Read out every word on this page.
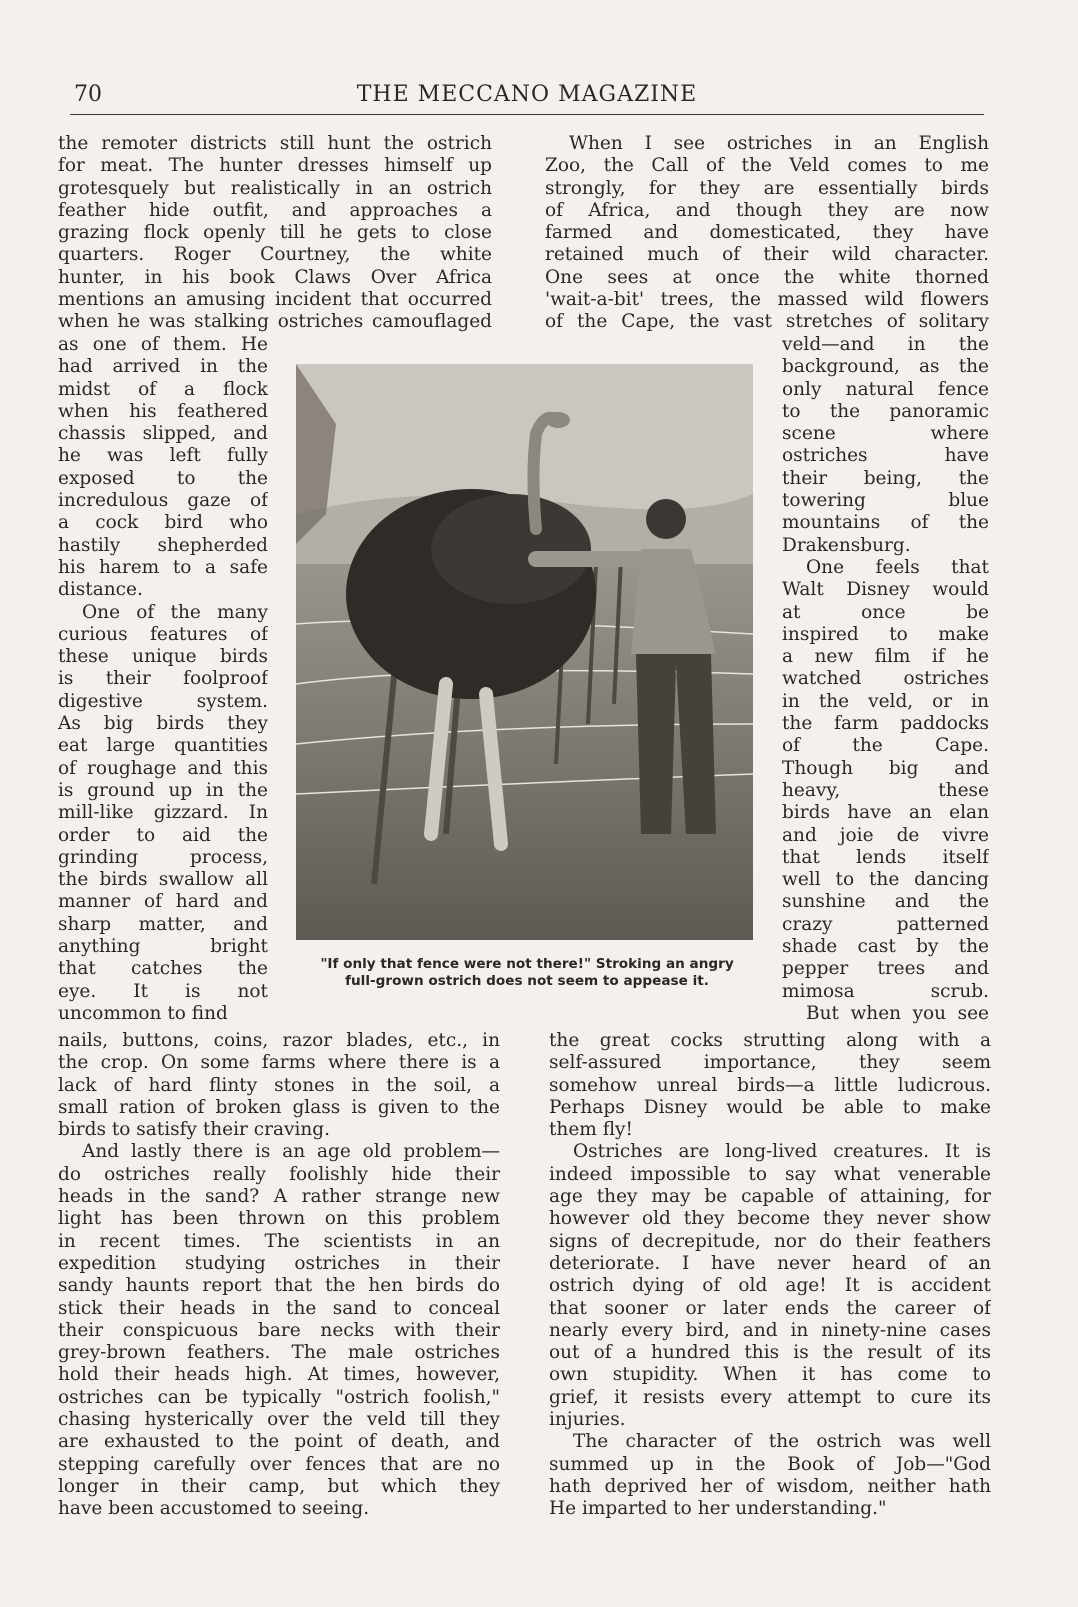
70	THE MECCANO MAGAZINE
the remoter districts still hunt the ostrich
for meat. The hunter dresses himself up
grotesquely but realistically in an ostrich
feather hide outfit, and approaches a
grazing flock openly till he gets to close
quarters. Roger Courtney, the white
hunter, in his book Claws Over Africa
mentions an amusing incident that occurred
when he was stalking ostriches camouflaged
as one of them. He
had arrived in the
midst of a flock
when his feathered
chassis slipped, and
he was left fully
exposed to the
incredulous gaze of
a cock bird who
hastily shepherded
his harem to a safe
distance.
One of the many
curious features of
these unique birds
is their foolproof
digestive system.
As big birds they
eat large quantities
of roughage and this
is ground up in the
mill-like gizzard. In
order to aid the
grinding process,
the birds swallow all
manner of hard and
sharp matter, and
anything bright
that catches the
eye. It is not
uncommon to find
nails, buttons, coins, razor blades, etc., in
the crop. On some farms where there is a
lack of hard flinty stones in the soil, a
small ration of broken glass is given to the
birds to satisfy their craving.
And lastly there is an age old problem—
do ostriches really foolishly hide their
heads in the sand? A rather strange new
light has been thrown on this problem
in recent times. The scientists in an
expedition studying ostriches in their
sandy haunts report that the hen birds do
stick their heads in the sand to conceal
their conspicuous bare necks with their
grey-brown feathers. The male ostriches
hold their heads high. At times, however,
ostriches can be typically "ostrich foolish,"
chasing hysterically over the veld till they
are exhausted to the point of death, and
stepping carefully over fences that are no
longer in their camp, but which they
have been accustomed to seeing.
"If only that fence were not there!" Stroking an angry
full-grown ostrich does not seem to appease it.
When I see ostriches in an English
Zoo, the Call of the Veld comes to me
strongly, for they are essentially birds
of Africa, and though they are now
farmed and domesticated, they have
retained much of their wild character.
One sees at once the white thorned
'wait-a-bit' trees, the massed wild flowers
of the Cape, the vast stretches of solitary
veld—and in the
background, as the
only natural fence
to the panoramic
scene where
ostriches have
their being, the
towering blue
mountains of the
Drakensburg.
One feels that
Walt Disney would
at once be
inspired to make
a new film if he
watched ostriches
in the veld, or in
the farm paddocks
of the Cape.
Though big and
heavy, these
birds have an elan
and joie de vivre
that lends itself
well to the dancing
sunshine and the
crazy patterned
shade cast by the
pepper trees and
mimosa scrub.
But when you see
the great cocks strutting along with a
self-assured importance, they seem
somehow unreal birds—a little ludicrous.
Perhaps Disney would be able to make
them fly!
Ostriches are long-lived creatures. It is
indeed impossible to say what venerable
age they may be capable of attaining, for
however old they become they never show
signs of decrepitude, nor do their feathers
deteriorate. I have never heard of an
ostrich dying of old age! It is accident
that sooner or later ends the career of
nearly every bird, and in ninety-nine cases
out of a hundred this is the result of its
own stupidity. When it has come to
grief, it resists every attempt to cure its
injuries.
The character of the ostrich was well
summed up in the Book of Job—"God
hath deprived her of wisdom, neither hath
He imparted to her understanding."
